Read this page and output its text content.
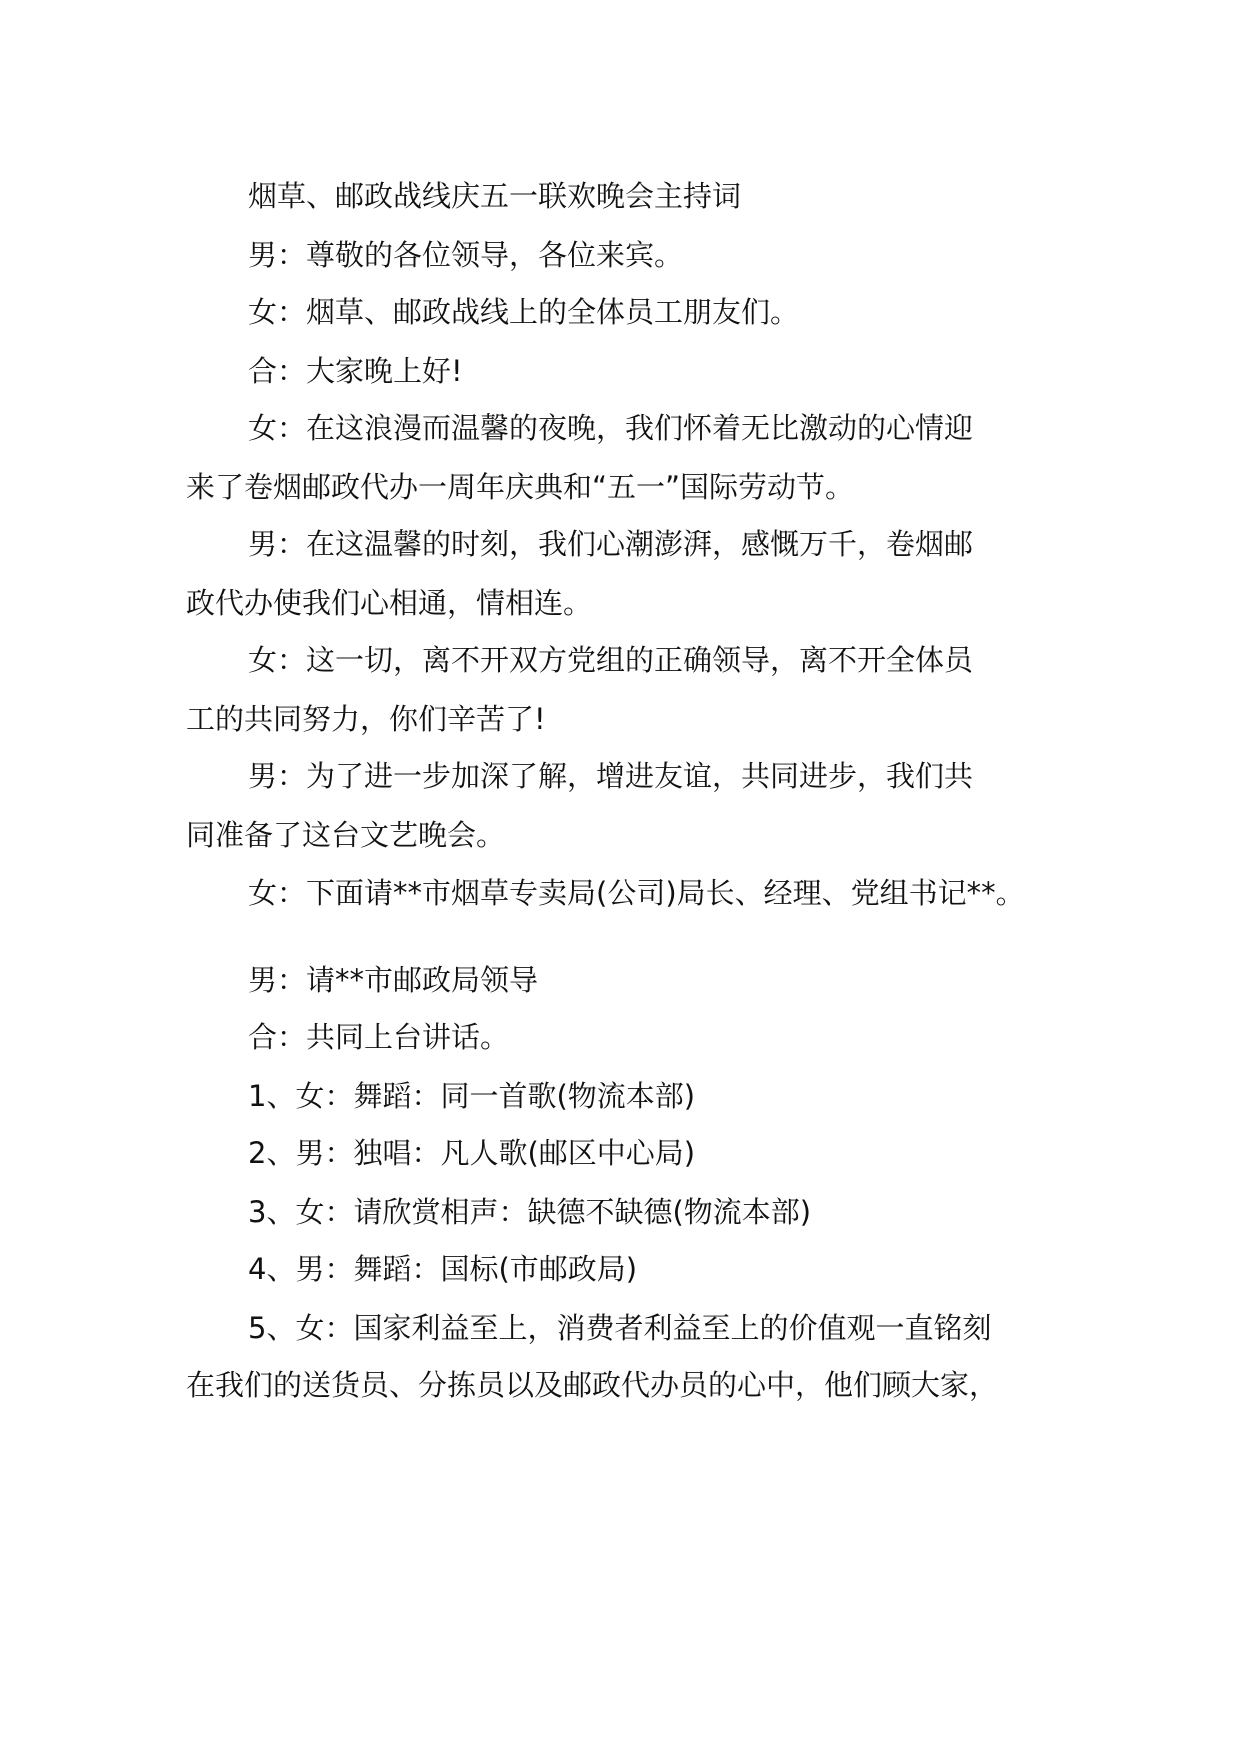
烟草、邮政战线庆五一联欢晚会主持词
男：尊敬的各位领导，各位来宾。
女：烟草、邮政战线上的全体员工朋友们。
合：大家晚上好!
女：在这浪漫而温馨的夜晚，我们怀着无比激动的心情迎
来了卷烟邮政代办一周年庆典和“五一”国际劳动节。
男：在这温馨的时刻，我们心潮澎湃，感慨万千，卷烟邮
政代办使我们心相通，情相连。
女：这一切，离不开双方党组的正确领导，离不开全体员
工的共同努力，你们辛苦了!
男：为了进一步加深了解，增进友谊，共同进步，我们共
同准备了这台文艺晚会。
女：下面请**市烟草专卖局(公司)局长、经理、党组书记**。
男：请**市邮政局领导
合：共同上台讲话。
1、女：舞蹈：同一首歌(物流本部)
2、男：独唱：凡人歌(邮区中心局)
3、女：请欣赏相声：缺德不缺德(物流本部)
4、男：舞蹈：国标(市邮政局)
5、女：国家利益至上，消费者利益至上的价值观一直铭刻
在我们的送货员、分拣员以及邮政代办员的心中，他们顾大家，
